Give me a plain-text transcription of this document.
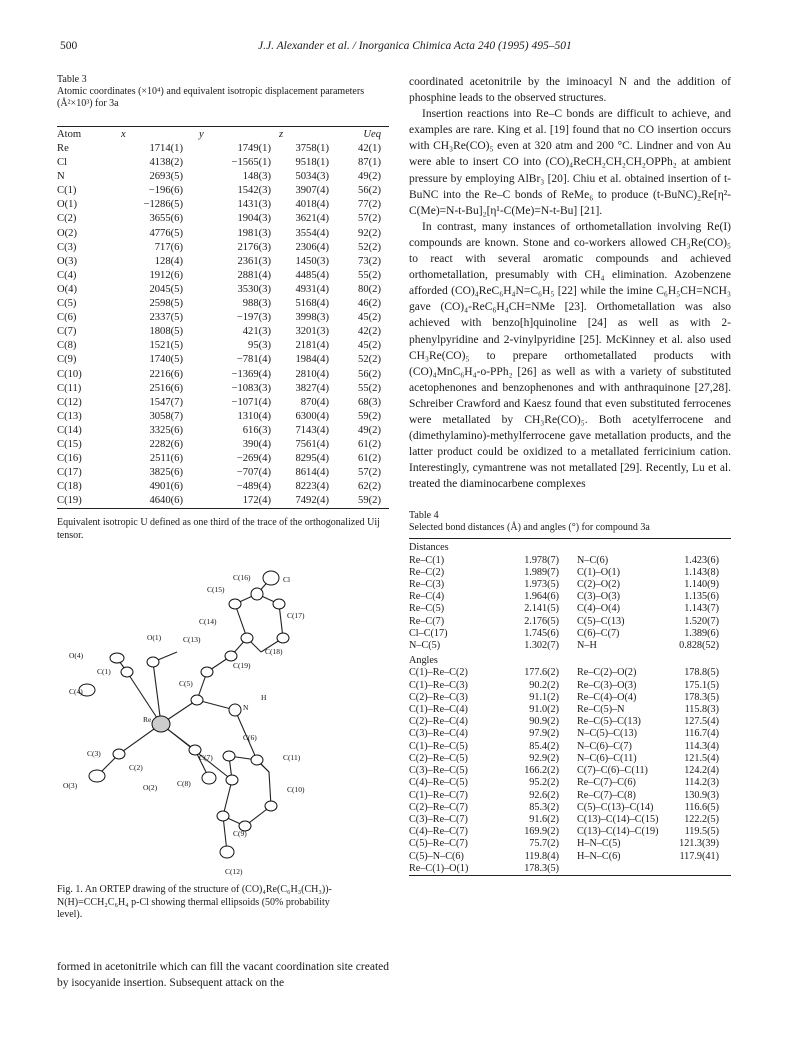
500	J.J. Alexander et al. / Inorganica Chimica Acta 240 (1995) 495–501
Table 3
Atomic coordinates (×10⁴) and equivalent isotropic displacement parameters (Å²×10³) for 3a
Atom	x	y	z	Ueq
Re	1714(1)	1749(1)	3758(1)	42(1)
Cl	4138(2)	−1565(1)	9518(1)	87(1)
N	2693(5)	148(3)	5034(3)	49(2)
C(1)	−196(6)	1542(3)	3907(4)	56(2)
O(1)	−1286(5)	1431(3)	4018(4)	77(2)
C(2)	3655(6)	1904(3)	3621(4)	57(2)
O(2)	4776(5)	1981(3)	3554(4)	92(2)
C(3)	717(6)	2176(3)	2306(4)	52(2)
O(3)	128(4)	2361(3)	1450(3)	73(2)
C(4)	1912(6)	2881(4)	4485(4)	55(2)
O(4)	2045(5)	3530(3)	4931(4)	80(2)
C(5)	2598(5)	988(3)	5168(4)	46(2)
C(6)	2337(5)	−197(3)	3998(3)	45(2)
C(7)	1808(5)	421(3)	3201(3)	42(2)
C(8)	1521(5)	95(3)	2181(4)	45(2)
C(9)	1740(5)	−781(4)	1984(4)	52(2)
C(10)	2216(6)	−1369(4)	2810(4)	56(2)
C(11)	2516(6)	−1083(3)	3827(4)	55(2)
C(12)	1547(7)	−1071(4)	870(4)	68(3)
C(13)	3058(7)	1310(4)	6300(4)	59(2)
C(14)	3325(6)	616(3)	7143(4)	49(2)
C(15)	2282(6)	390(4)	7561(4)	61(2)
C(16)	2511(6)	−269(4)	8295(4)	61(2)
C(17)	3825(6)	−707(4)	8614(4)	57(2)
C(18)	4901(6)	−489(4)	8223(4)	62(2)
C(19)	4640(6)	172(4)	7492(4)	59(2)
Equivalent isotropic U defined as one third of the trace of the orthogonalized Uij tensor.
C(16)
C(15)
Cl
C(17)
C(14)
O(1)	C(13)
C(18)
O(4)
C(1)
C(19)
C(5)
H
C(4)
Re
N
C(6)
C(3)	C(7)	C(11)
C(2)
O(3)	O(2)	C(8)
C(10)
C(9)
C(12)
Fig. 1. An ORTEP drawing of the structure of (CO)₄Re(C₆H₃(CH₃))-N(H)=CCH₂C₆H₄ p-Cl showing thermal ellipsoids (50% probability level).

formed in acetonitrile which can fill the vacant coordination site created by isocyanide insertion. Subsequent attack on the

coordinated acetonitrile by the iminoacyl N and the addition of phosphine leads to the observed structures.

Insertion reactions into Re–C bonds are difficult to achieve, and examples are rare. King et al. [19] found that no CO insertion occurs with CH₃Re(CO)₅ even at 320 atm and 200 °C. Lindner and von Au were able to insert CO into (CO)₄ReCH₂CH₂CH₂OPPh₂ at ambient pressure by employing AlBr₃ [20]. Chiu et al. obtained insertion of t-BuNC into the Re–C bonds of ReMe₆ to produce (t-BuNC)₂Re[η²-C(Me)=N-t-Bu]₂[η¹-C(Me)=N-t-Bu] [21].

In contrast, many instances of orthometallation involving Re(I) compounds are known. Stone and co-workers allowed CH₃Re(CO)₅ to react with several aromatic compounds and achieved orthometallation, presumably with CH₄ elimination. Azobenzene afforded (CO)₄ReC₆H₄N=C₆H₅ [22] while the imine C₆H₅CH=NCH₃ gave (CO)₄-ReC₆H₄CH=NMe [23]. Orthometallation was also achieved with benzo[h]quinoline [24] as well as with 2-phenylpyridine and 2-vinylpyridine [25]. McKinney et al. also used CH₃Re(CO)₅ to prepare orthometallated products with (CO)₄MnC₆H₄-o-PPh₂ [26] as well as with a variety of substituted acetophenones and benzophenones and with anthraquinone [27,28]. Schreiber Crawford and Kaesz found that even substituted ferrocenes were metallated by CH₃Re(CO)₅. Both acetylferrocene and (dimethylamino)-methylferrocene gave metallation products, and the latter product could be oxidized to a metallated ferricinium cation. Interestingly, cymantrene was not metallated [29]. Recently, Lu et al. treated the diaminocarbene complexes

Table 4
Selected bond distances (Å) and angles (°) for compound 3a
Distances			
Re–C(1)	1.978(7)	N–C(6)	1.423(6)
Re–C(2)	1.989(7)	C(1)–O(1)	1.143(8)
Re–C(3)	1.973(5)	C(2)–O(2)	1.140(9)
Re–C(4)	1.964(6)	C(3)–O(3)	1.135(6)
Re–C(5)	2.141(5)	C(4)–O(4)	1.143(7)
Re–C(7)	2.176(5)	C(5)–C(13)	1.520(7)
Cl–C(17)	1.745(6)	C(6)–C(7)	1.389(6)
N–C(5)	1.302(7)	N–H	0.828(52)
Angles			
C(1)–Re–C(2)	177.6(2)	Re–C(2)–O(2)	178.8(5)
C(1)–Re–C(3)	90.2(2)	Re–C(3)–O(3)	175.1(5)
C(2)–Re–C(3)	91.1(2)	Re–C(4)–O(4)	178.3(5)
C(1)–Re–C(4)	91.0(2)	Re–C(5)–N	115.8(3)
C(2)–Re–C(4)	90.9(2)	Re–C(5)–C(13)	127.5(4)
C(3)–Re–C(4)	97.9(2)	N–C(5)–C(13)	116.7(4)
C(1)–Re–C(5)	85.4(2)	N–C(6)–C(7)	114.3(4)
C(2)–Re–C(5)	92.9(2)	N–C(6)–C(11)	121.5(4)
C(3)–Re–C(5)	166.2(2)	C(7)–C(6)–C(11)	124.2(4)
C(4)–Re–C(5)	95.2(2)	Re–C(7)–C(6)	114.2(3)
C(1)–Re–C(7)	92.6(2)	Re–C(7)–C(8)	130.9(3)
C(2)–Re–C(7)	85.3(2)	C(5)–C(13)–C(14)	116.6(5)
C(3)–Re–C(7)	91.6(2)	C(13)–C(14)–C(15)	122.2(5)
C(4)–Re–C(7)	169.9(2)	C(13)–C(14)–C(19)	119.5(5)
C(5)–Re–C(7)	75.7(2)	H–N–C(5)	121.3(39)
C(5)–N–C(6)	119.8(4)	H–N–C(6)	117.9(41)
Re–C(1)–O(1)	178.3(5)		
